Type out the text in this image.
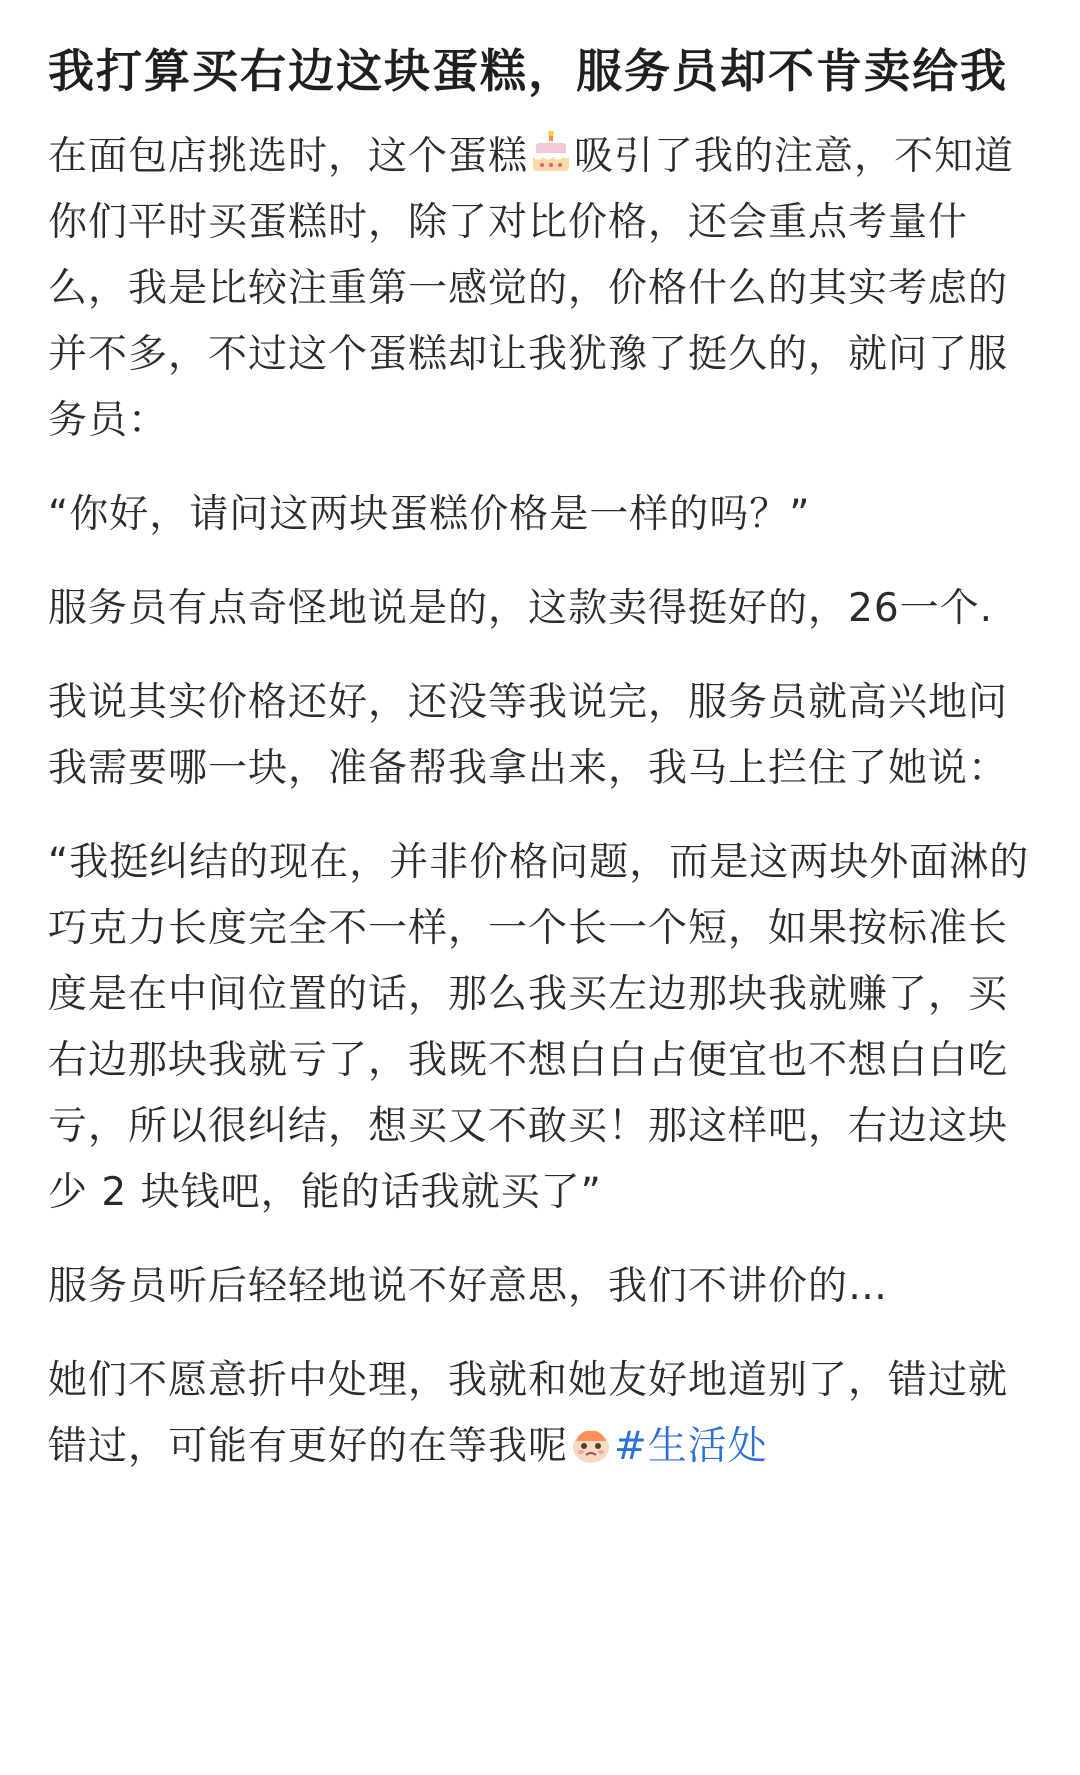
我打算买右边这块蛋糕，服务员却不肯卖给我

在面包店挑选时，这个蛋糕 吸引了我的注意，不知道你们平时买蛋糕时，除了对比价格，还会重点考量什么，我是比较注重第一感觉的，价格什么的其实考虑的并不多，不过这个蛋糕却让我犹豫了挺久的，就问了服务员：

“你好，请问这两块蛋糕价格是一样的吗？”

服务员有点奇怪地说是的，这款卖得挺好的，26一个.

我说其实价格还好，还没等我说完，服务员就高兴地问我需要哪一块，准备帮我拿出来，我马上拦住了她说：

“我挺纠结的现在，并非价格问题，而是这两块外面淋的巧克力长度完全不一样，一个长一个短，如果按标准长度是在中间位置的话，那么我买左边那块我就赚了，买右边那块我就亏了，我既不想白白占便宜也不想白白吃亏，所以很纠结，想买又不敢买！那这样吧，右边这块少 2 块钱吧，能的话我就买了”

服务员听后轻轻地说不好意思，我们不讲价的…

她们不愿意折中处理，我就和她友好地道别了，错过就错过，可能有更好的在等我呢 #生活处
